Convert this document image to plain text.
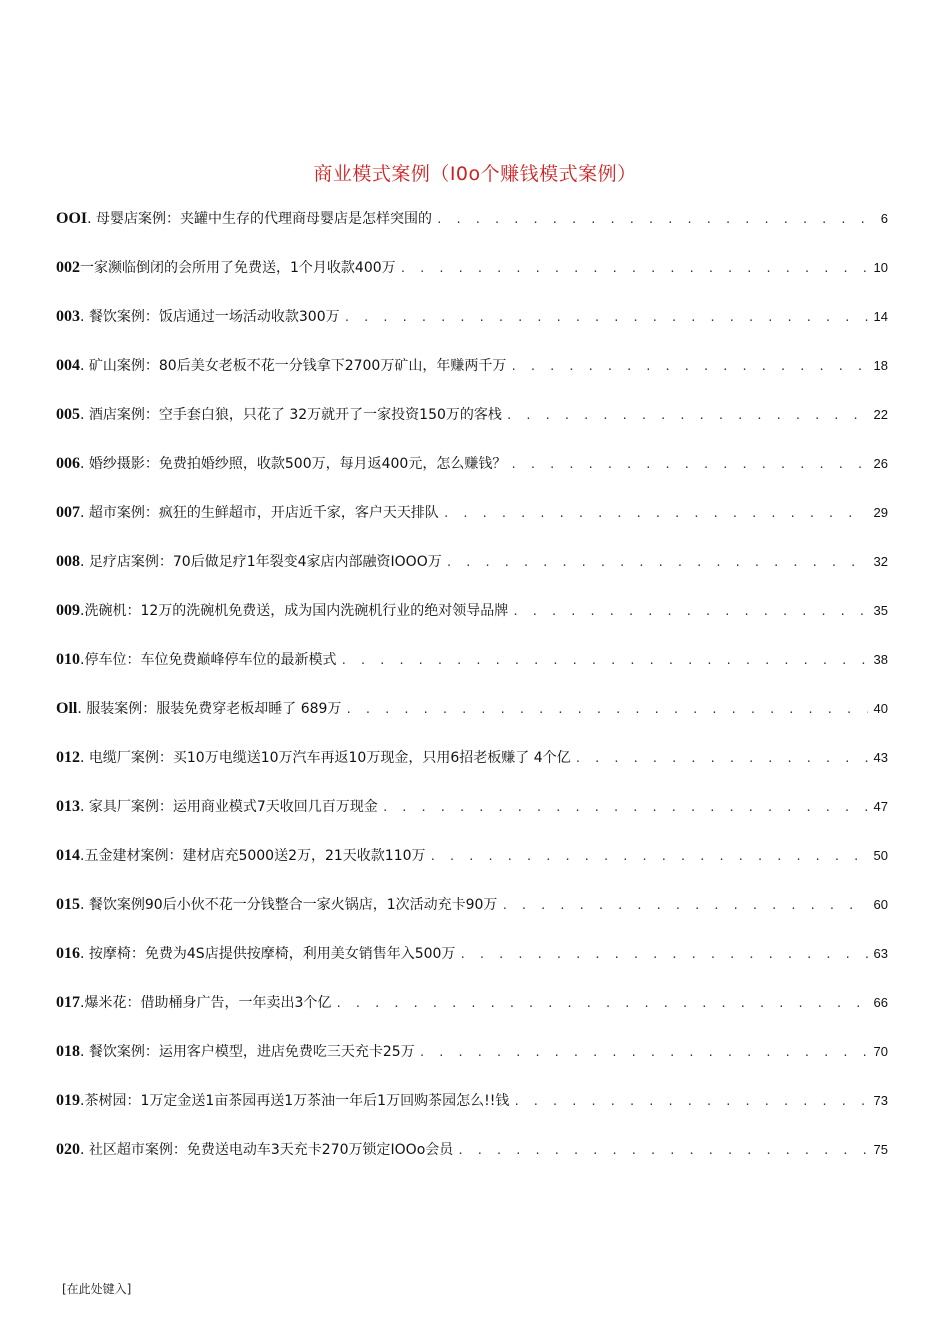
商业模式案例（I0o个赚钱模式案例）
OOI . 母婴店案例：夹罐中生存的代理商母婴店是怎样突围的 . . .	6
002 一家濒临倒闭的会所用了免费送，1个月收款400万 . . .	10
003 . 餐饮案例：饭店通过一场活动收款300万 . . .	14
004 . 矿山案例：80后美女老板不花一分钱拿下2700万矿山，年赚两千万 . . .	18
005 . 酒店案例：空手套白狼，只花了 32万就开了一家投资150万的客栈 . . .	22
006 . 婚纱摄影：免费拍婚纱照，收款500万，每月返400元，怎么赚钱？ . . .	26
007 . 超市案例：疯狂的生鲜超市，开店近千家，客户天天排队 . . .	29
008 . 足疗店案例：70后做足疗1年裂变4家店内部融资IOOO万 . . .	32
009 .洗碗机：12万的洗碗机免费送，成为国内洗碗机行业的绝对领导品牌 . . .	35
010 .停车位：车位免费巅峰停车位的最新模式 . . .	38
Oll . 服装案例：服装免费穿老板却睡了 689万 . . .	40
012 . 电缆厂案例：买10万电缆送10万汽车再返10万现金，只用6招老板赚了 4个亿 . . .	43
013 . 家具厂案例：运用商业模式7天收回几百万现金 . . .	47
014 .五金建材案例：建材店充5000送2万，21天收款110万 . . .	50
015 . 餐饮案例90后小伙不花一分钱整合一家火锅店，1次活动充卡90万 . . .	60
016 . 按摩椅：免费为4S店提供按摩椅，利用美女销售年入500万 . . .	63
017 .爆米花：借助桶身广告，一年卖出3个亿 . . .	66
018 . 餐饮案例：运用客户模型，进店免费吃三天充卡25万 . . .	70
019 .茶树园：1万定金送1亩茶园再送1万茶油一年后1万回购茶园怎么!!钱 . . .	73
020 . 社区超市案例：免费送电动车3天充卡270万锁定IOOo会员 . . .	75
[在此处键入]
